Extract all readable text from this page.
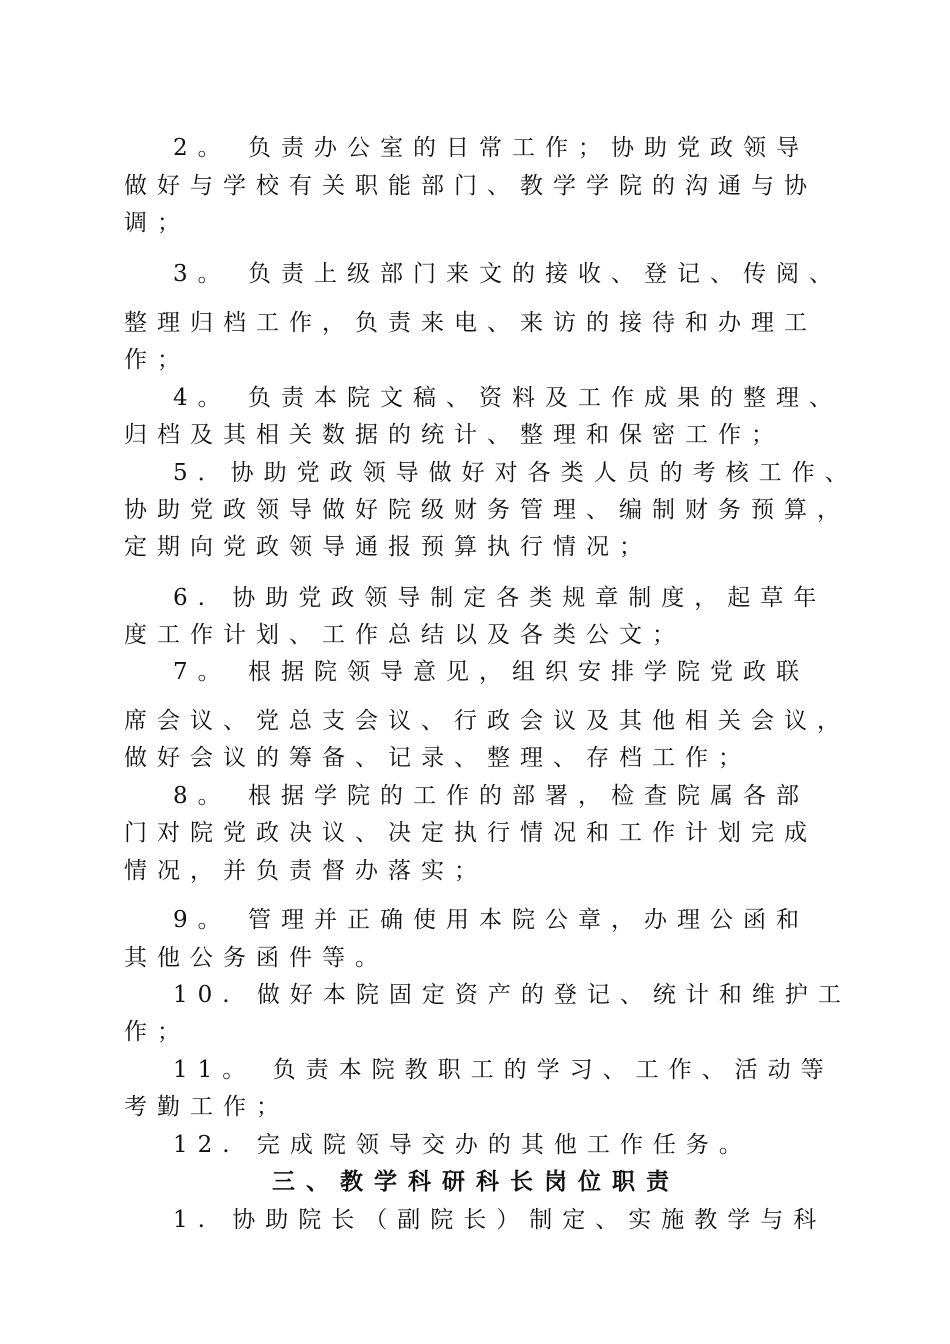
2。 负责办公室的日常工作；协助党政领导
做好与学校有关职能部门、教学学院的沟通与协
调；
3。 负责上级部门来文的接收、登记、传阅、
整理归档工作，负责来电、来访的接待和办理工
作；
4。 负责本院文稿、资料及工作成果的整理、
归档及其相关数据的统计、整理和保密工作；
5．协助党政领导做好对各类人员的考核工作、
协助党政领导做好院级财务管理、编制财务预算，
定期向党政领导通报预算执行情况；
6. 协助党政领导制定各类规章制度，起草年
度工作计划、工作总结以及各类公文；
7。 根据院领导意见，组织安排学院党政联
席会议、党总支会议、行政会议及其他相关会议，
做好会议的筹备、记录、整理、存档工作；
8。 根据学院的工作的部署，检查院属各部
门对院党政决议、决定执行情况和工作计划完成
情况，并负责督办落实；
9。 管理并正确使用本院公章，办理公函和
其他公务函件等。
10. 做好本院固定资产的登记、统计和维护工
作；
11。 负责本院教职工的学习、工作、活动等
考勤工作；
12. 完成院领导交办的其他工作任务。
三、教学科研科长岗位职责
1. 协助院长（副院长）制定、实施教学与科
